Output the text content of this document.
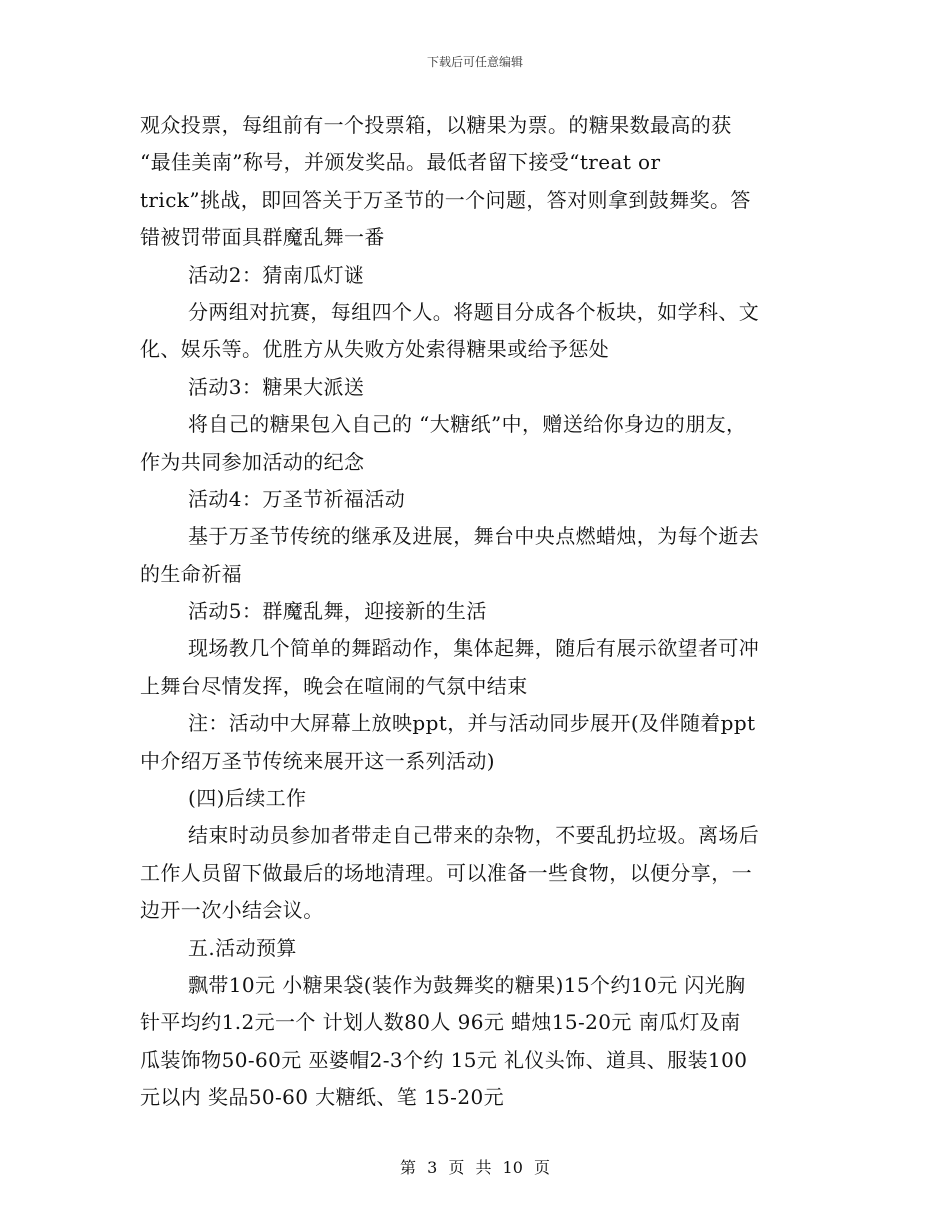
下载后可任意编辑
观众投票，每组前有一个投票箱，以糖果为票。的糖果数最高的获
“最佳美南”称号，并颁发奖品。最低者留下接受“treat or
trick”挑战，即回答关于万圣节的一个问题，答对则拿到鼓舞奖。答
错被罚带面具群魔乱舞一番
活动2：猜南瓜灯谜
分两组对抗赛，每组四个人。将题目分成各个板块，如学科、文
化、娱乐等。优胜方从失败方处索得糖果或给予惩处
活动3：糖果大派送
将自己的糖果包入自己的 “大糖纸”中，赠送给你身边的朋友，
作为共同参加活动的纪念
活动4：万圣节祈福活动
基于万圣节传统的继承及进展，舞台中央点燃蜡烛，为每个逝去
的生命祈福
活动5：群魔乱舞，迎接新的生活
现场教几个简单的舞蹈动作，集体起舞，随后有展示欲望者可冲
上舞台尽情发挥，晚会在喧闹的气氛中结束
注：活动中大屏幕上放映ppt，并与活动同步展开(及伴随着ppt
中介绍万圣节传统来展开这一系列活动)
(四)后续工作
结束时动员参加者带走自己带来的杂物，不要乱扔垃圾。离场后
工作人员留下做最后的场地清理。可以准备一些食物，以便分享，一
边开一次小结会议。
五.活动预算
飘带10元 小糖果袋(装作为鼓舞奖的糖果)15个约10元 闪光胸
针平均约1.2元一个 计划人数80人 96元 蜡烛15-20元 南瓜灯及南
瓜装饰物50-60元 巫婆帽2-3个约 15元 礼仪头饰、道具、服装100
元以内 奖品50-60 大糖纸、笔 15-20元
第 3 页 共 10 页
